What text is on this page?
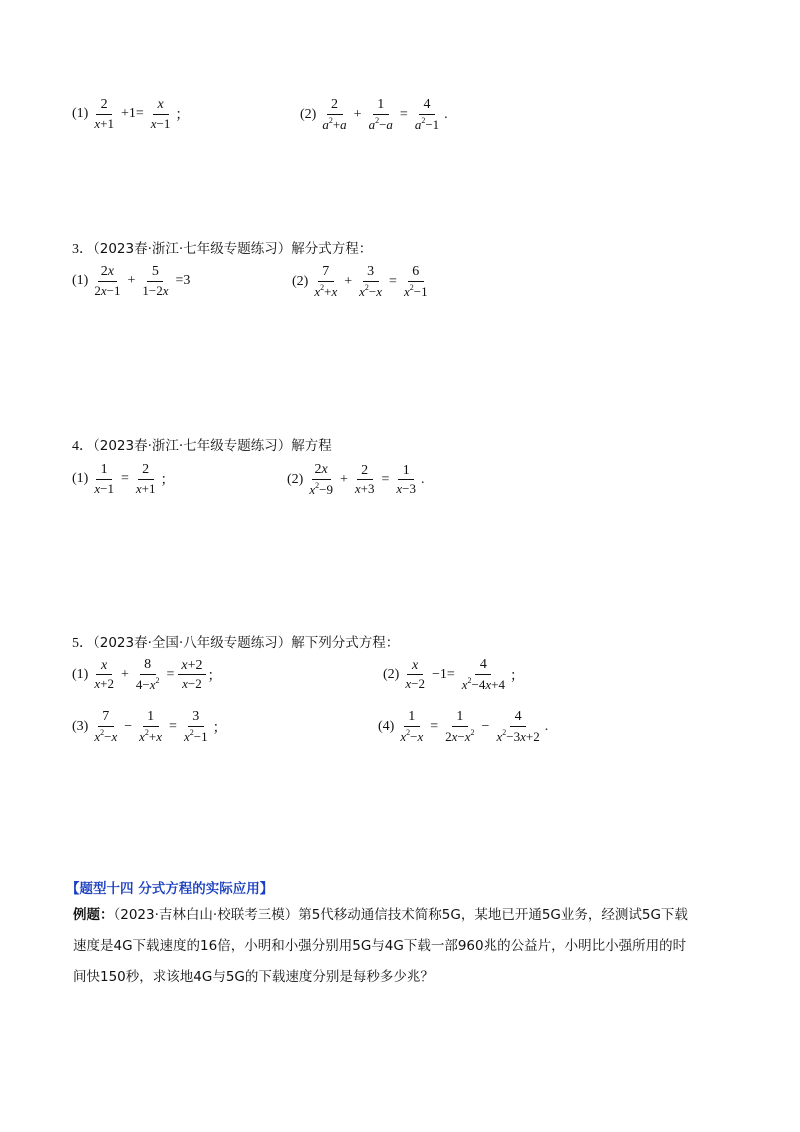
$(1) \frac{2}{x+1} +1= \frac{x}{x-1}$ ；	$(2) \frac{2}{a^2+a} + \frac{1}{a^2-a} = \frac{4}{a^2-1}$ .
3．（2023春·浙江·七年级专题练习）解分式方程：
$(1) \frac{2x}{2x-1} + \frac{5}{1-2x} =3$	$(2) \frac{7}{x^2+x} + \frac{3}{x^2-x} = \frac{6}{x^2-1}$
4．（2023春·浙江·七年级专题练习）解方程
$(1) \frac{1}{x-1} = \frac{2}{x+1}$ ；	$(2) \frac{2x}{x^2-9} + \frac{2}{x+3} = \frac{1}{x-3}$ .
5．（2023春·全国·八年级专题练习）解下列分式方程：
$(1) \frac{x}{x+2} + \frac{8}{4-x^2} = \frac{x+2}{x-2}$ ；	$(2) \frac{x}{x-2} -1= \frac{4}{x^2-4x+4}$ ；
$(3) \frac{7}{x^2-x} - \frac{1}{x^2+x} = \frac{3}{x^2-1}$ ；	$(4) \frac{1}{x^2-x} = \frac{1}{2x-x^2} - \frac{4}{x^2-3x+2}$ .
【题型十四 分式方程的实际应用】
例题：（2023·吉林白山·校联考三模）第5代移动通信技术简称5G，某地已开通5G业务，经测试5G下载
速度是4G下载速度的16倍，小明和小强分别用5G与4G下载一部960兆的公益片，小明比小强所用的时
间快150秒，求该地4G与5G的下载速度分别是每秒多少兆？
